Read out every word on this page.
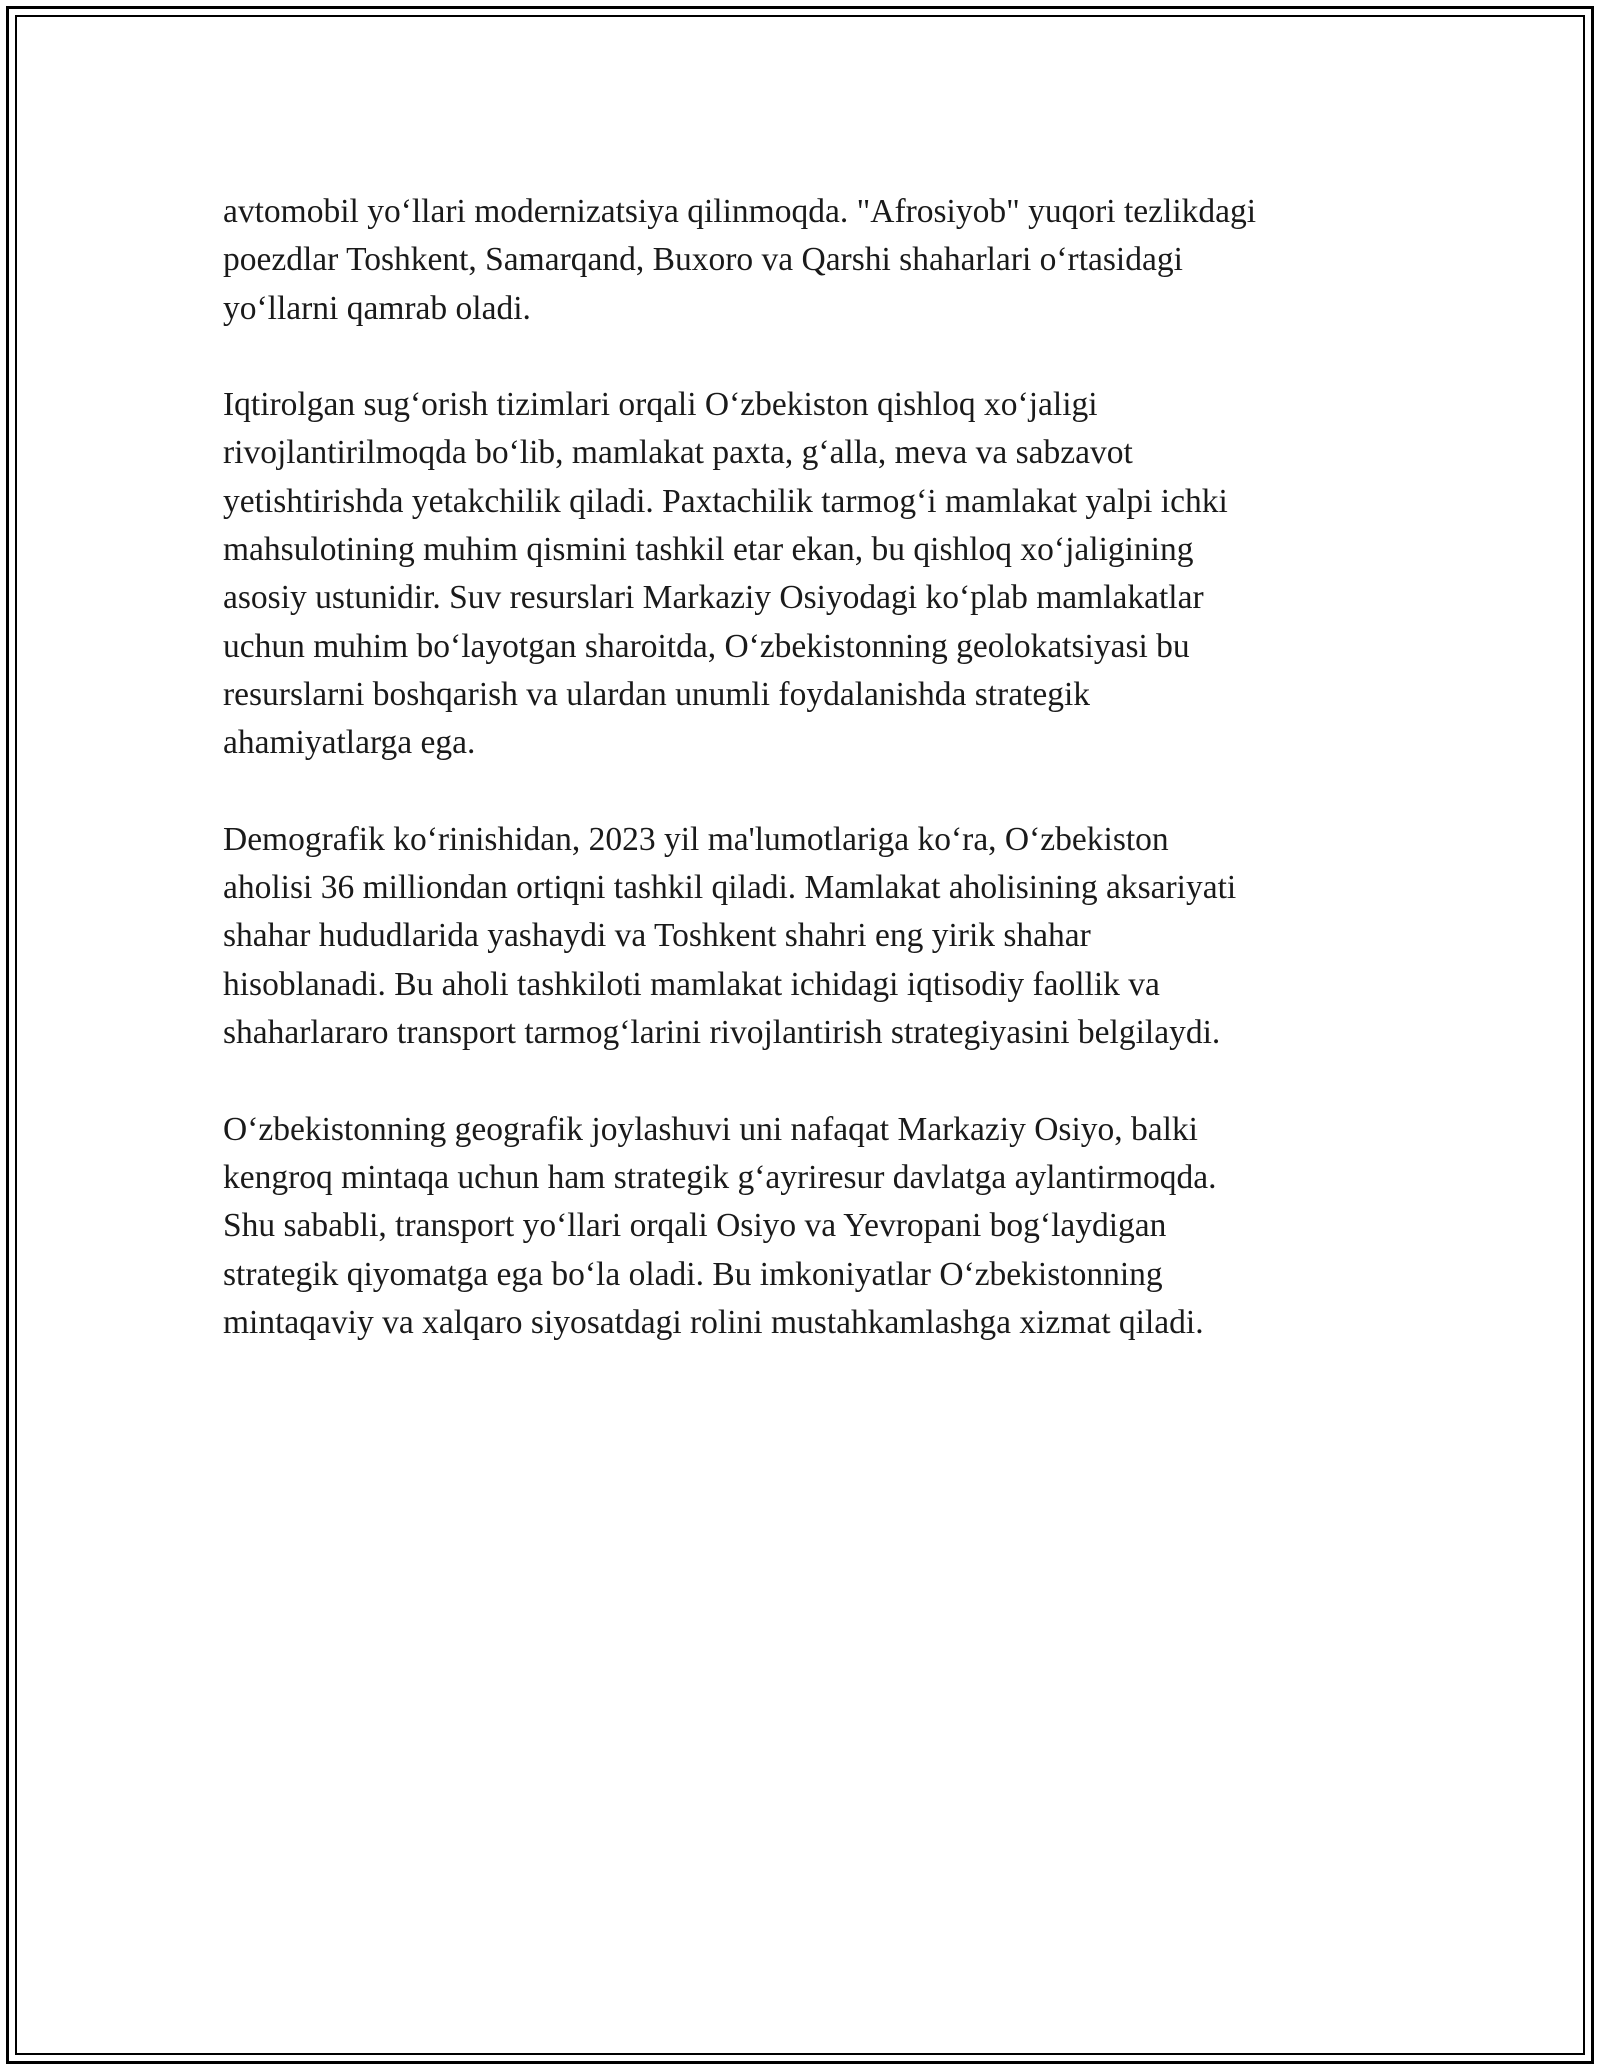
avtomobil yo‘llari modernizatsiya qilinmoqda. "Afrosiyob" yuqori tezlikdagi
poezdlar Toshkent, Samarqand, Buxoro va Qarshi shaharlari o‘rtasidagi
yo‘llarni qamrab oladi.

Iqtirolgan sug‘orish tizimlari orqali O‘zbekiston qishloq xo‘jaligi
rivojlantirilmoqda bo‘lib, mamlakat paxta, g‘alla, meva va sabzavot
yetishtirishda yetakchilik qiladi. Paxtachilik tarmog‘i mamlakat yalpi ichki
mahsulotining muhim qismini tashkil etar ekan, bu qishloq xo‘jaligining
asosiy ustunidir. Suv resurslari Markaziy Osiyodagi ko‘plab mamlakatlar
uchun muhim bo‘layotgan sharoitda, O‘zbekistonning geolokatsiyasi bu
resurslarni boshqarish va ulardan unumli foydalanishda strategik
ahamiyatlarga ega.

Demografik ko‘rinishidan, 2023 yil ma'lumotlariga ko‘ra, O‘zbekiston
aholisi 36 milliondan ortiqni tashkil qiladi. Mamlakat aholisining aksariyati
shahar hududlarida yashaydi va Toshkent shahri eng yirik shahar
hisoblanadi. Bu aholi tashkiloti mamlakat ichidagi iqtisodiy faollik va
shaharlararo transport tarmog‘larini rivojlantirish strategiyasini belgilaydi.

O‘zbekistonning geografik joylashuvi uni nafaqat Markaziy Osiyo, balki
kengroq mintaqa uchun ham strategik g‘ayriresur davlatga aylantirmoqda.
Shu sababli, transport yo‘llari orqali Osiyo va Yevropani bog‘laydigan
strategik qiyomatga ega bo‘la oladi. Bu imkoniyatlar O‘zbekistonning
mintaqaviy va xalqaro siyosatdagi rolini mustahkamlashga xizmat qiladi.
